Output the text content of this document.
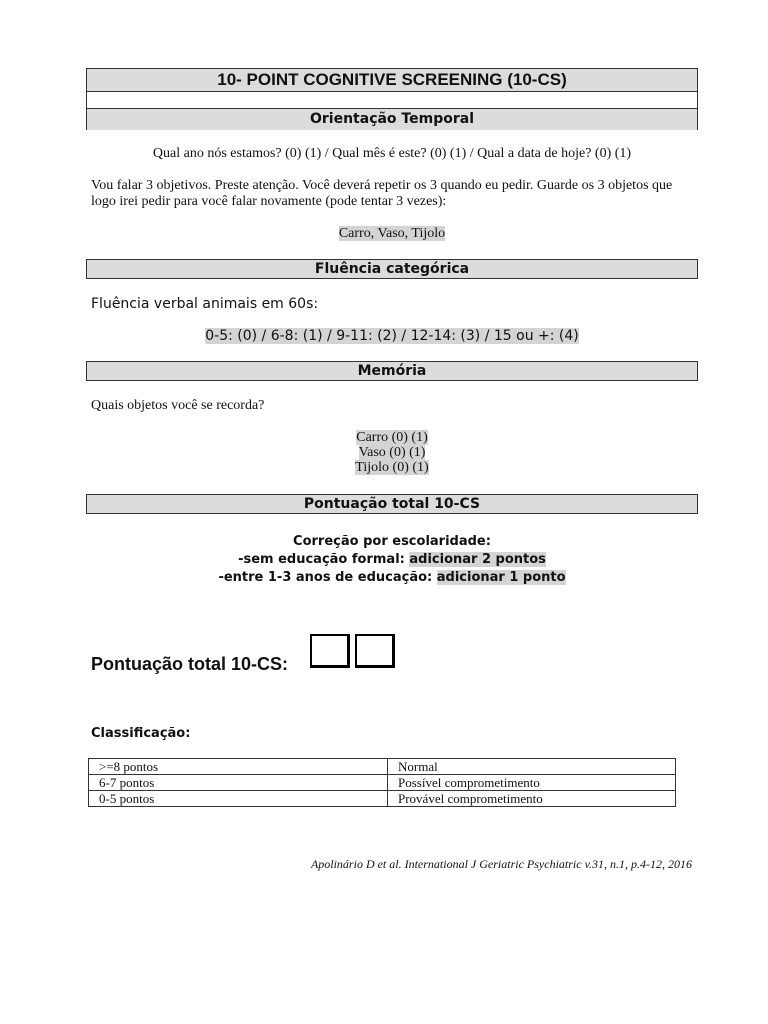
10- POINT COGNITIVE SCREENING (10-CS)
Orientação Temporal
Qual ano nós estamos? (0) (1) / Qual mês é este? (0) (1) / Qual a data de hoje? (0) (1)
Vou falar 3 objetivos. Preste atenção. Você deverá repetir os 3 quando eu pedir. Guarde os 3 objetos que
logo irei pedir para você falar novamente (pode tentar 3 vezes):
Carro, Vaso, Tijolo
Fluência categórica
Fluência verbal animais em 60s:
0-5: (0) / 6-8: (1) / 9-11: (2) / 12-14: (3) / 15 ou +: (4)
Memória
Quais objetos você se recorda?
Carro (0) (1)
Vaso (0) (1)
Tijolo (0) (1)
Pontuação total 10-CS
Correção por escolaridade:
-sem educação formal: adicionar 2 pontos
-entre 1-3 anos de educação: adicionar 1 ponto
Pontuação total 10-CS:
Classificação:
>=8 pontos	Normal
6-7 pontos	Possível comprometimento
0-5 pontos	Provável comprometimento
Apolinário D et al. International J Geriatric Psychiatric v.31, n.1, p.4-12, 2016
